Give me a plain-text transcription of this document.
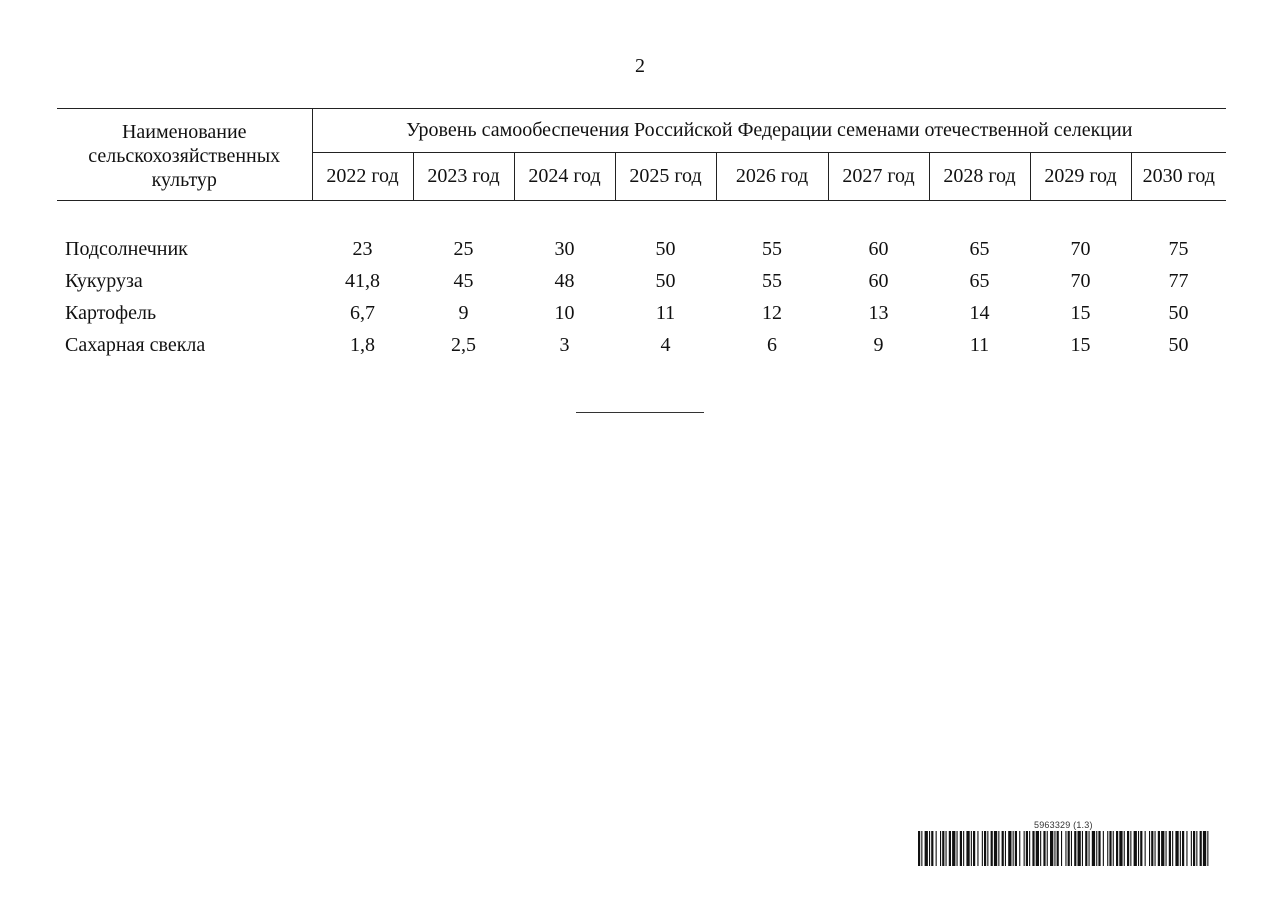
2
Наименование сельскохозяйственных культур	Уровень самообеспечения Российской Федерации семенами отечественной селекции								
	2022 год	2023 год	2024 год	2025 год	2026 год	2027 год	2028 год	2029 год	2030 год

Подсолнечник	23	25	30	50	55	60	65	70	75
Кукуруза	41,8	45	48	50	55	60	65	70	77
Картофель	6,7	9	10	11	12	13	14	15	50
Сахарная свекла	1,8	2,5	3	4	6	9	11	15	50
5963329 (1.3)
